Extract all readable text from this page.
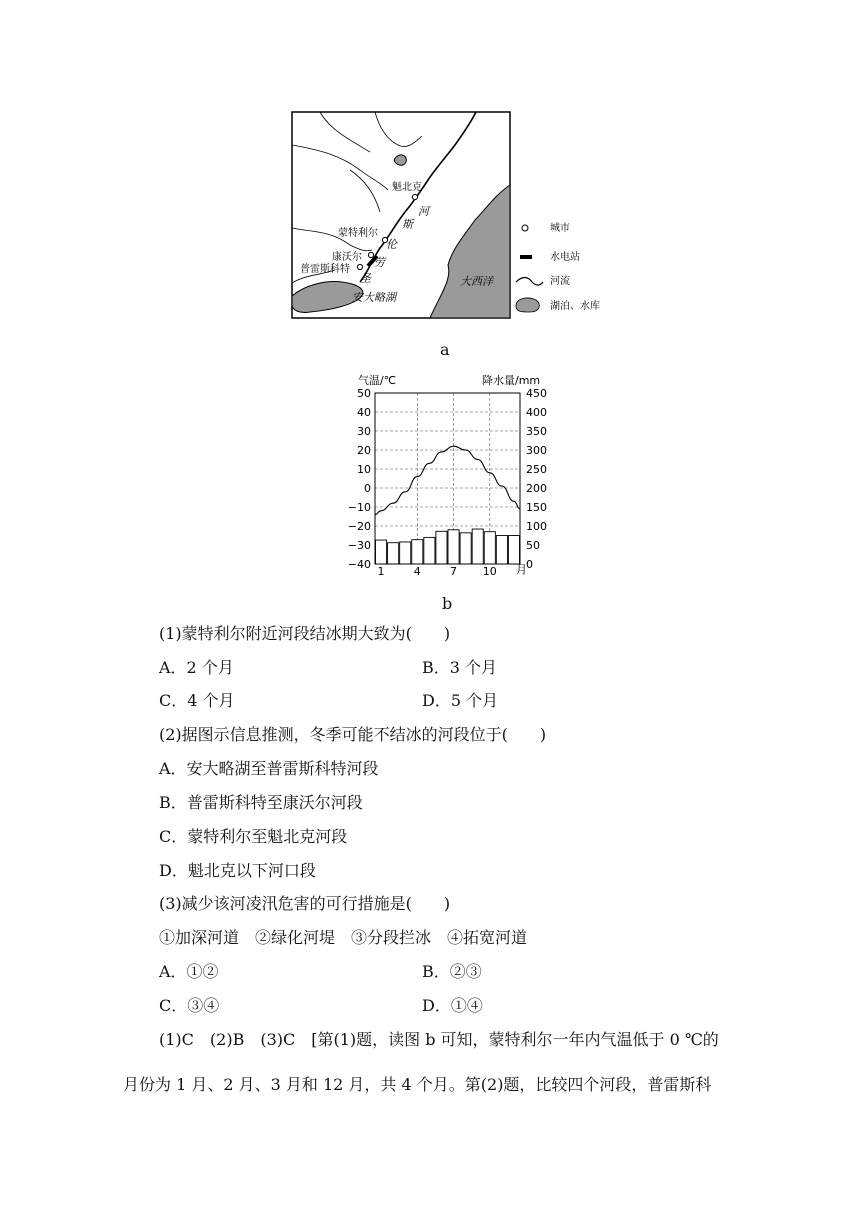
魁北克
蒙特利尔
康沃尔
普雷斯科特
安大略湖
大西洋
河
斯
伦
劳
圣
城市
水电站
河流
湖泊、水库
a
气温/℃	降水量/mm
50
40
30
20
10
0
−10
−20
−30
−40
450
400
350
300
250
200
150
100
50
0
1	4	7 10 月
b
(1)蒙特利尔附近河段结冰期大致为(　　)
A．2 个月	B．3 个月
C．4 个月	D．5 个月
(2)据图示信息推测，冬季可能不结冰的河段位于(　　)
A．安大略湖至普雷斯科特河段
B．普雷斯科特至康沃尔河段
C．蒙特利尔至魁北克河段
D．魁北克以下河口段
(3)减少该河凌汛危害的可行措施是(　　)
①加深河道　②绿化河堤　③分段拦冰　④拓宽河道
A．①②	B．②③
C．③④	D．①④
(1)C　(2)B　(3)C　[第(1)题，读图 b 可知，蒙特利尔一年内气温低于 0 ℃的
月份为 1 月、2 月、3 月和 12 月，共 4 个月。第(2)题，比较四个河段，普雷斯科
